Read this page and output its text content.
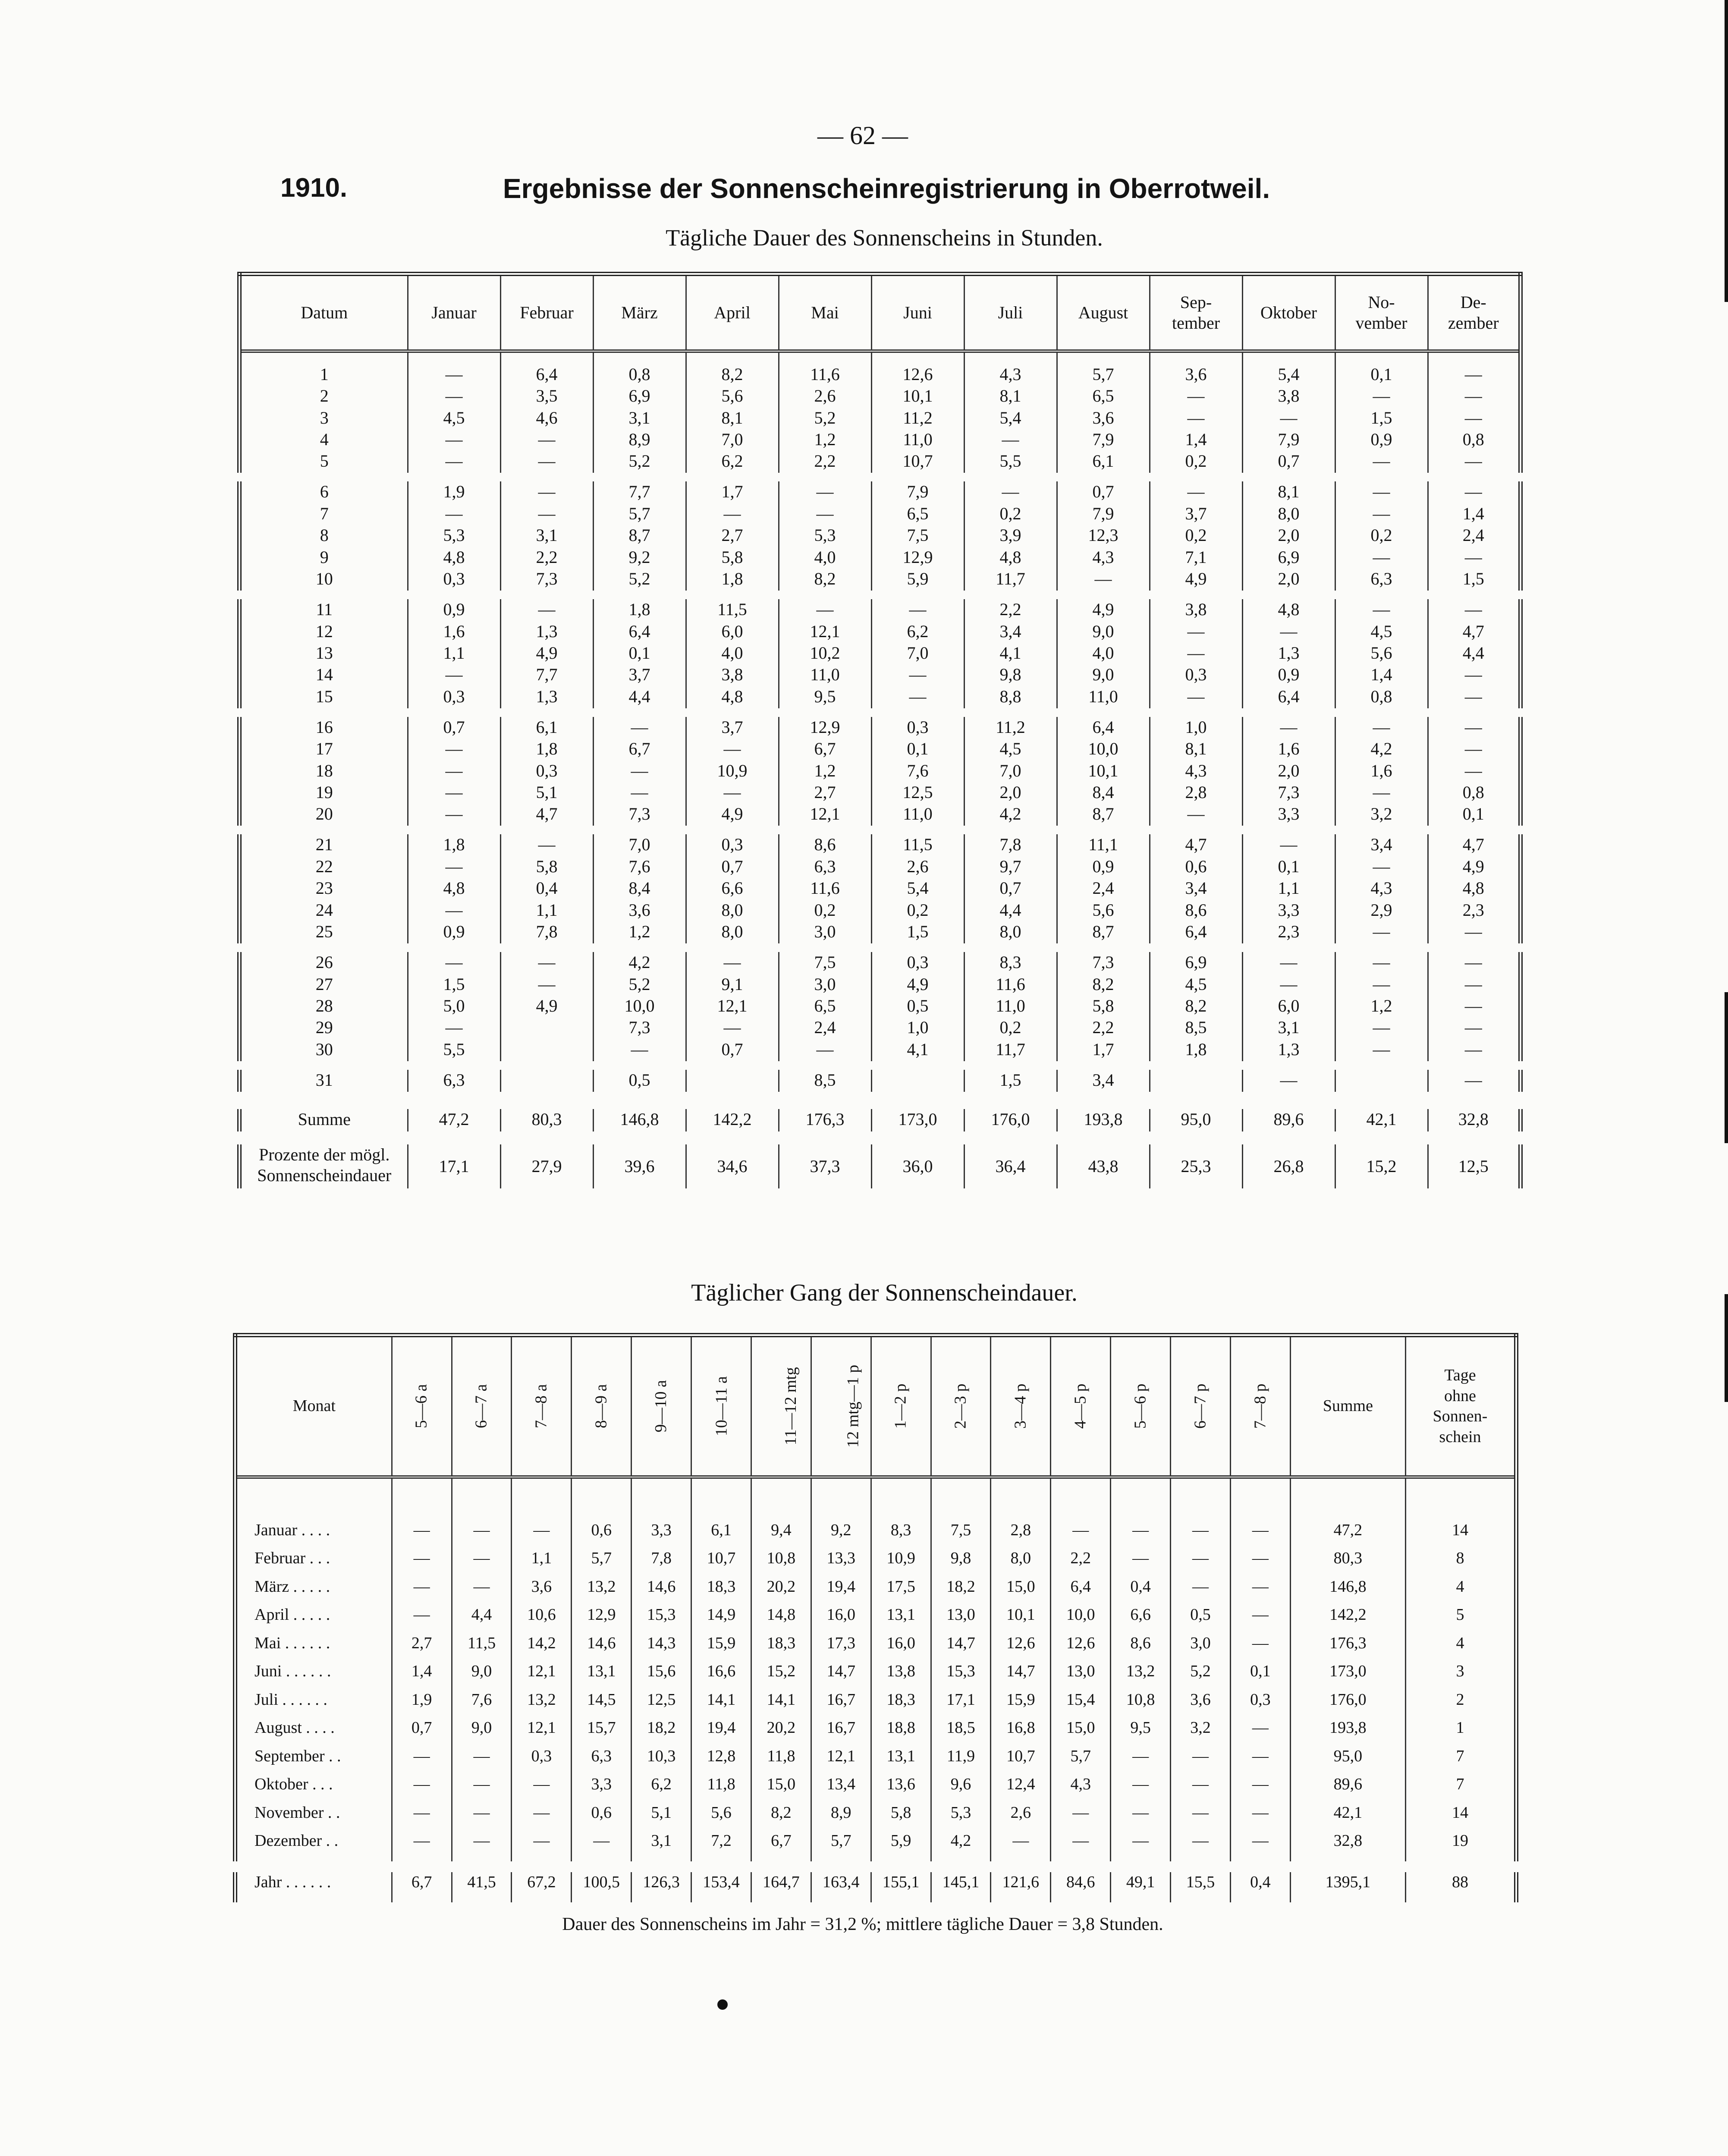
— 62 —
1910.	Ergebnisse der Sonnenscheinregistrierung in Oberrotweil.
Tägliche Dauer des Sonnenscheins in Stunden.
Datum	Januar	Februar	März	April	Mai	Juni	Juli	August	Sep-
tember	Oktober	No-
vember	De-
zember

1	—	6,4	0,8	8,2	11,6	12,6	4,3	5,7	3,6	5,4	0,1	—
2	—	3,5	6,9	5,6	2,6	10,1	8,1	6,5	—	3,8	—	—
3	4,5	4,6	3,1	8,1	5,2	11,2	5,4	3,6	—	—	1,5	—
4	—	—	8,9	7,0	1,2	11,0	—	7,9	1,4	7,9	0,9	0,8
5	—	—	5,2	6,2	2,2	10,7	5,5	6,1	0,2	0,7	—	—
6	1,9	—	7,7	1,7	—	7,9	—	0,7	—	8,1	—	—
7	—	—	5,7	—	—	6,5	0,2	7,9	3,7	8,0	—	1,4
8	5,3	3,1	8,7	2,7	5,3	7,5	3,9	12,3	0,2	2,0	0,2	2,4
9	4,8	2,2	9,2	5,8	4,0	12,9	4,8	4,3	7,1	6,9	—	—
10	0,3	7,3	5,2	1,8	8,2	5,9	11,7	—	4,9	2,0	6,3	1,5
11	0,9	—	1,8	11,5	—	—	2,2	4,9	3,8	4,8	—	—
12	1,6	1,3	6,4	6,0	12,1	6,2	3,4	9,0	—	—	4,5	4,7
13	1,1	4,9	0,1	4,0	10,2	7,0	4,1	4,0	—	1,3	5,6	4,4
14	—	7,7	3,7	3,8	11,0	—	9,8	9,0	0,3	0,9	1,4	—
15	0,3	1,3	4,4	4,8	9,5	—	8,8	11,0	—	6,4	0,8	—
16	0,7	6,1	—	3,7	12,9	0,3	11,2	6,4	1,0	—	—	—
17	—	1,8	6,7	—	6,7	0,1	4,5	10,0	8,1	1,6	4,2	—
18	—	0,3	—	10,9	1,2	7,6	7,0	10,1	4,3	2,0	1,6	—
19	—	5,1	—	—	2,7	12,5	2,0	8,4	2,8	7,3	—	0,8
20	—	4,7	7,3	4,9	12,1	11,0	4,2	8,7	—	3,3	3,2	0,1
21	1,8	—	7,0	0,3	8,6	11,5	7,8	11,1	4,7	—	3,4	4,7
22	—	5,8	7,6	0,7	6,3	2,6	9,7	0,9	0,6	0,1	—	4,9
23	4,8	0,4	8,4	6,6	11,6	5,4	0,7	2,4	3,4	1,1	4,3	4,8
24	—	1,1	3,6	8,0	0,2	0,2	4,4	5,6	8,6	3,3	2,9	2,3
25	0,9	7,8	1,2	8,0	3,0	1,5	8,0	8,7	6,4	2,3	—	—
26	—	—	4,2	—	7,5	0,3	8,3	7,3	6,9	—	—	—
27	1,5	—	5,2	9,1	3,0	4,9	11,6	8,2	4,5	—	—	—
28	5,0	4,9	10,0	12,1	6,5	0,5	11,0	5,8	8,2	6,0	1,2	—
29	—		7,3	—	2,4	1,0	0,2	2,2	8,5	3,1	—	—
30	5,5		—	0,7	—	4,1	11,7	1,7	1,8	1,3	—	—
31	6,3		0,5		8,5		1,5	3,4		—		—
Summe	47,2	80,3	146,8	142,2	176,3	173,0	176,0	193,8	95,0	89,6	42,1	32,8
Prozente der mögl.
Sonnenscheindauer	17,1	27,9	39,6	34,6	37,3	36,0	36,4	43,8	25,3	26,8	15,2	12,5

Täglicher Gang der Sonnenscheindauer.
Monat	5—6 a	6—7 a	7—8 a	8—9 a	9—10 a	10—11 a	11—12 mtg	12 mtg—1 p	1—2 p	2—3 p	3—4 p	4—5 p	5—6 p	6—7 p	7—8 p	Summe	Tage
ohne
Sonnen-
schein

Januar . . . .	—	—	—	0,6	3,3	6,1	9,4	9,2	8,3	7,5	2,8	—	—	—	—	47,2	14
Februar . . .	—	—	1,1	5,7	7,8	10,7	10,8	13,3	10,9	9,8	8,0	2,2	—	—	—	80,3	8
März . . . . .	—	—	3,6	13,2	14,6	18,3	20,2	19,4	17,5	18,2	15,0	6,4	0,4	—	—	146,8	4
April . . . . .	—	4,4	10,6	12,9	15,3	14,9	14,8	16,0	13,1	13,0	10,1	10,0	6,6	0,5	—	142,2	5
Mai . . . . . .	2,7	11,5	14,2	14,6	14,3	15,9	18,3	17,3	16,0	14,7	12,6	12,6	8,6	3,0	—	176,3	4
Juni . . . . . .	1,4	9,0	12,1	13,1	15,6	16,6	15,2	14,7	13,8	15,3	14,7	13,0	13,2	5,2	0,1	173,0	3
Juli . . . . . .	1,9	7,6	13,2	14,5	12,5	14,1	14,1	16,7	18,3	17,1	15,9	15,4	10,8	3,6	0,3	176,0	2
August . . . .	0,7	9,0	12,1	15,7	18,2	19,4	20,2	16,7	18,8	18,5	16,8	15,0	9,5	3,2	—	193,8	1
September . .	—	—	0,3	6,3	10,3	12,8	11,8	12,1	13,1	11,9	10,7	5,7	—	—	—	95,0	7
Oktober . . .	—	—	—	3,3	6,2	11,8	15,0	13,4	13,6	9,6	12,4	4,3	—	—	—	89,6	7
November . .	—	—	—	0,6	5,1	5,6	8,2	8,9	5,8	5,3	2,6	—	—	—	—	42,1	14
Dezember . .	—	—	—	—	3,1	7,2	6,7	5,7	5,9	4,2	—	—	—	—	—	32,8	19
Jahr . . . . . .	6,7	41,5	67,2	100,5	126,3	153,4	164,7	163,4	155,1	145,1	121,6	84,6	49,1	15,5	0,4	1395,1	88

Dauer des Sonnenscheins im Jahr = 31,2 %; mittlere tägliche Dauer = 3,8 Stunden.
